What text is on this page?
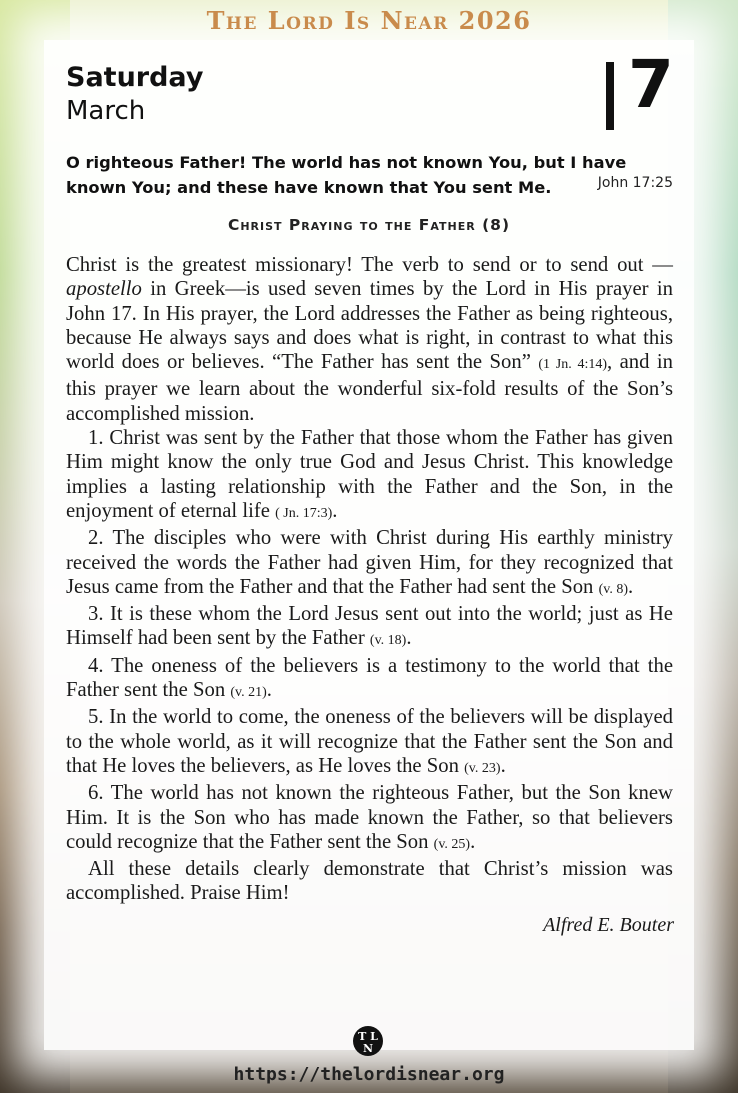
The Lord Is Near 2026
Saturday
March	7
O righteous Father! The world has not known You, but I have known You; and these have known that You sent Me.	John 17:25
Christ Praying to the Father (8)

Christ is the greatest missionary! The verb to send or to send out —apostello in Greek—is used seven times by the Lord in His prayer in John 17. In His prayer, the Lord addresses the Father as being righteous, because He always says and does what is right, in contrast to what this world does or believes. “The Father has sent the Son” (1 Jn. 4:14), and in this prayer we learn about the wonderful six-fold results of the Son’s accomplished mission.

1. Christ was sent by the Father that those whom the Father has given Him might know the only true God and Jesus Christ. This knowledge implies a lasting relationship with the Father and the Son, in the enjoyment of eternal life ( Jn. 17:3).

2. The disciples who were with Christ during His earthly ministry received the words the Father had given Him, for they recognized that Jesus came from the Father and that the Father had sent the Son (v. 8).

3. It is these whom the Lord Jesus sent out into the world; just as He Himself had been sent by the Father (v. 18).

4. The oneness of the believers is a testimony to the world that the Father sent the Son (v. 21).

5. In the world to come, the oneness of the believers will be displayed to the whole world, as it will recognize that the Father sent the Son and that He loves the believers, as He loves the Son (v. 23).

6. The world has not known the righteous Father, but the Son knew Him. It is the Son who has made known the Father, so that believers could recognize that the Father sent the Son (v. 25).

All these details clearly demonstrate that Christ’s mission was accomplished. Praise Him!

Alfred E. Bouter
T L
N
https://thelordisnear.org
